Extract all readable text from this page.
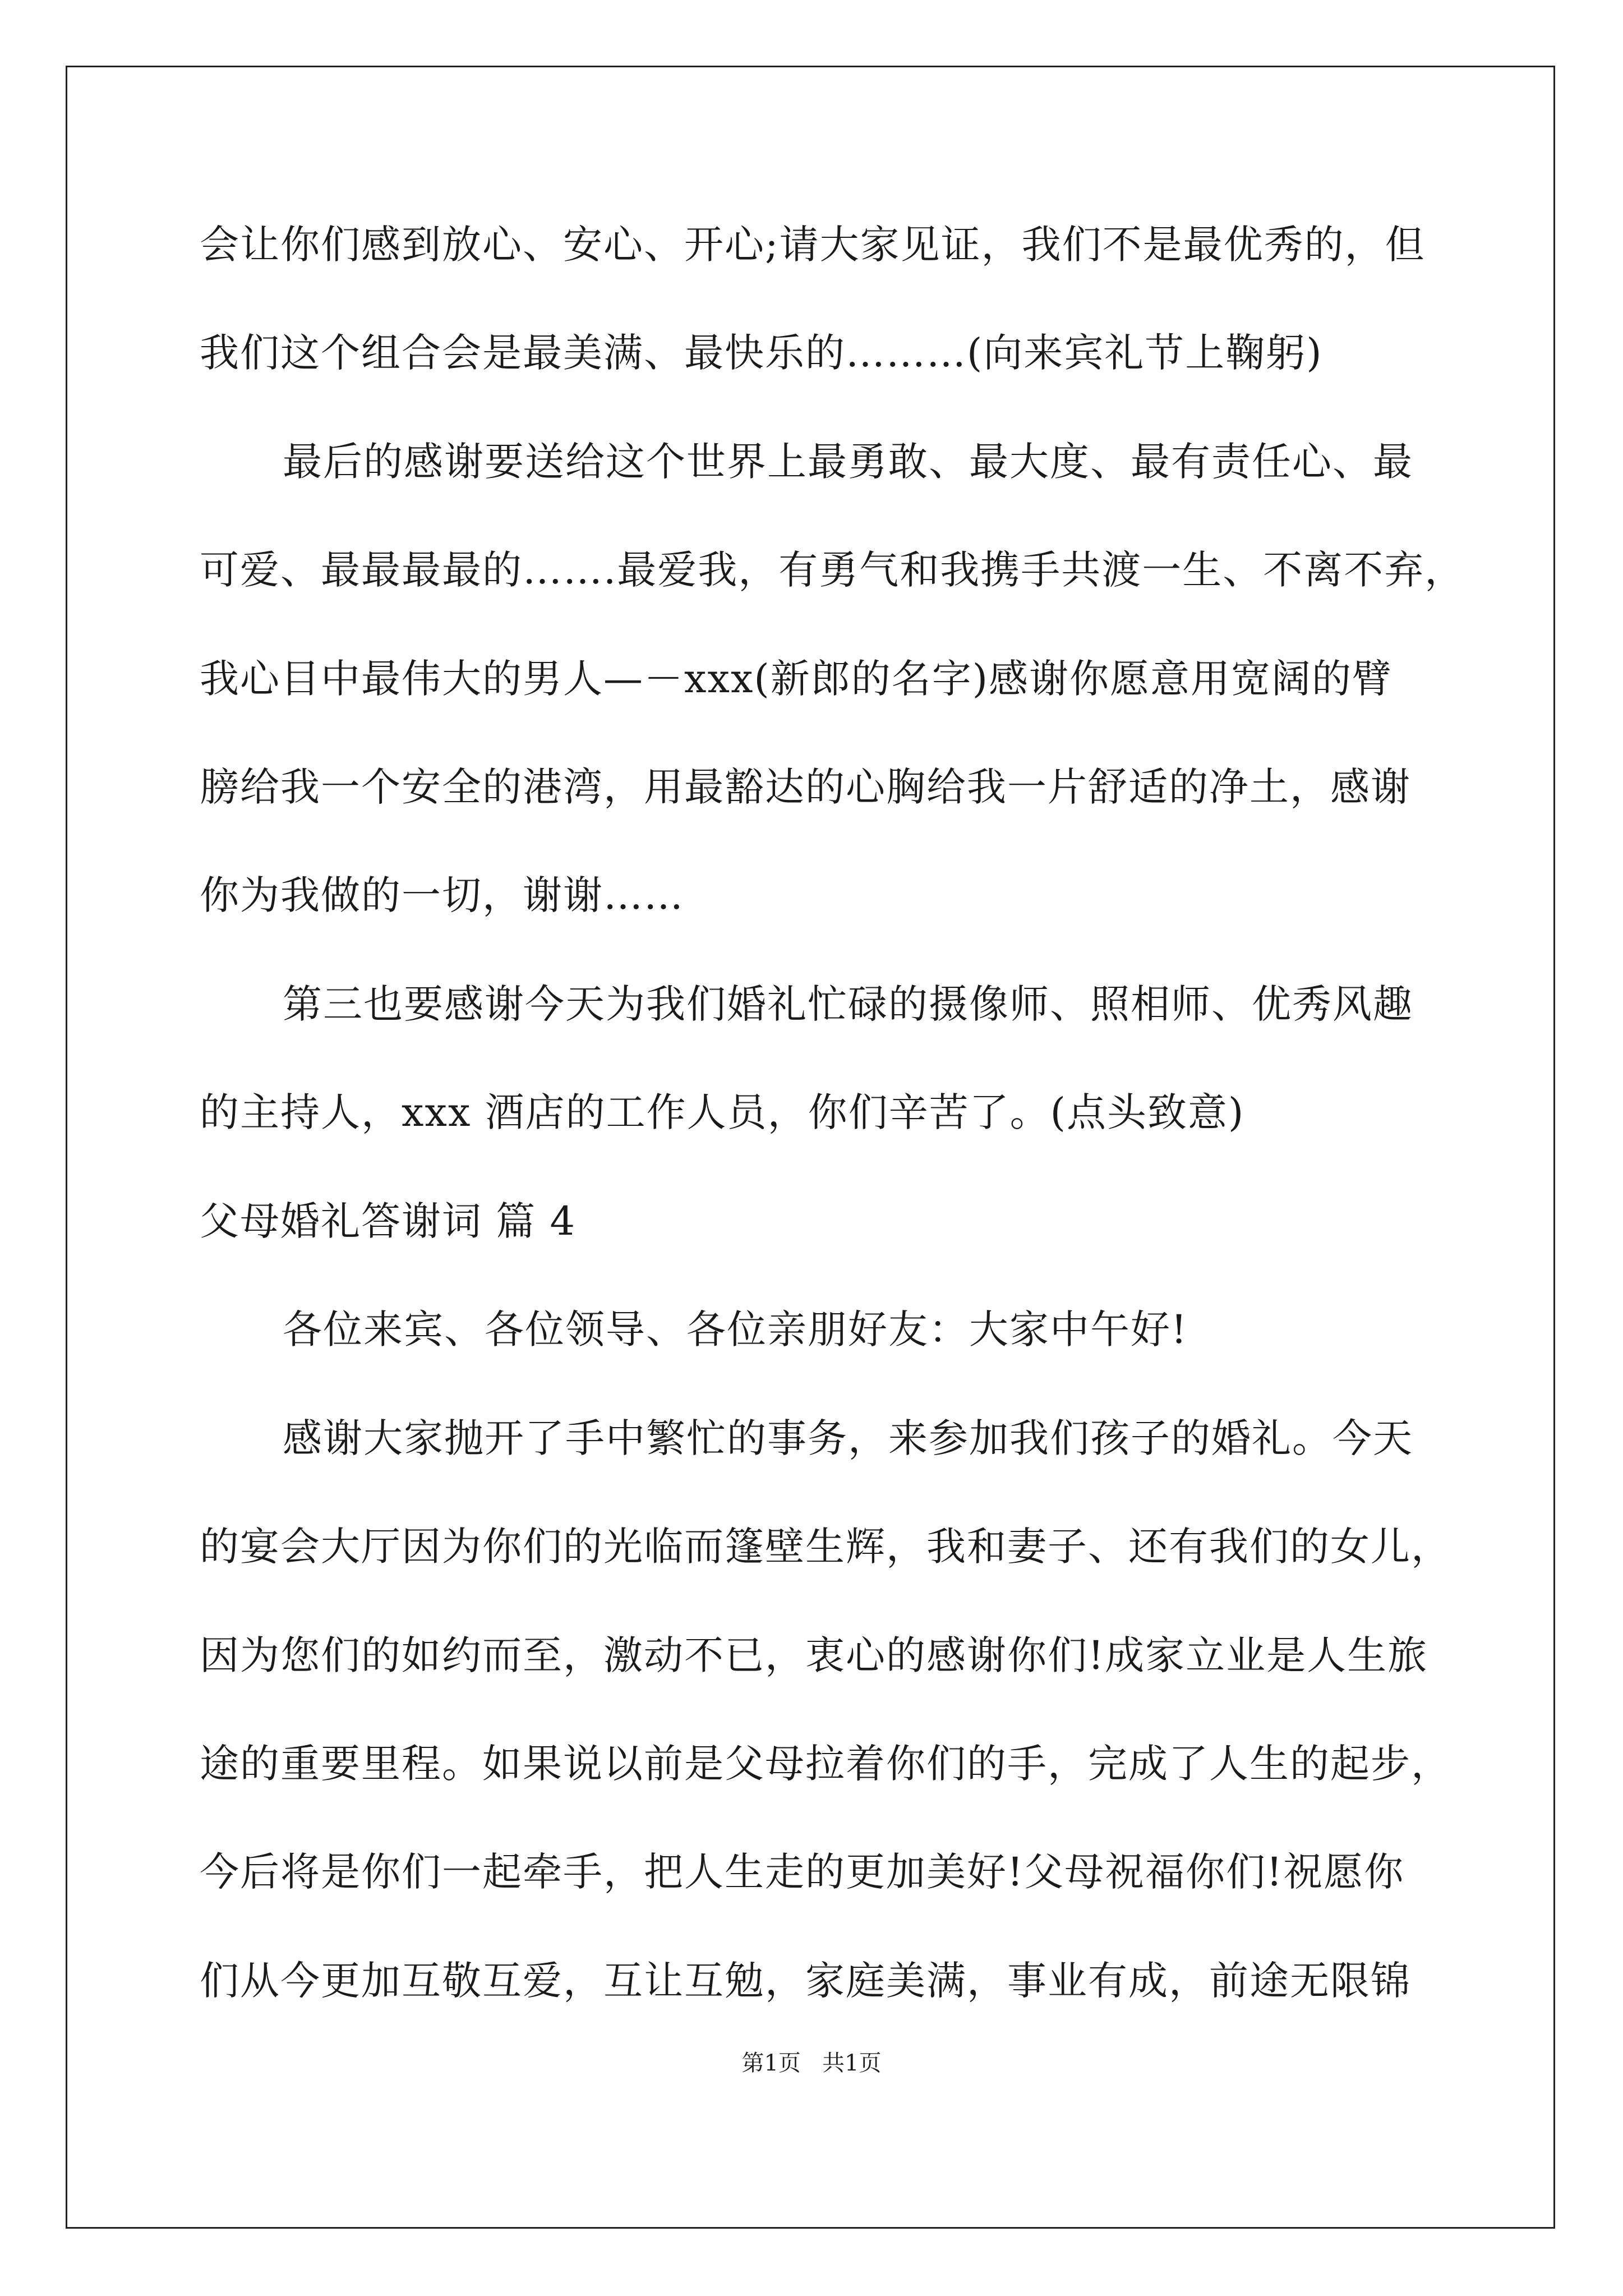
会让你们感到放心、安心、开心;请大家见证，我们不是最优秀的，但
我们这个组合会是最美满、最快乐的………(向来宾礼节上鞠躬)
最后的感谢要送给这个世界上最勇敢、最大度、最有责任心、最
可爱、最最最最的…….最爱我，有勇气和我携手共渡一生、不离不弃，
我心目中最伟大的男人—－xxx(新郎的名字)感谢你愿意用宽阔的臂
膀给我一个安全的港湾，用最豁达的心胸给我一片舒适的净土，感谢
你为我做的一切，谢谢……
第三也要感谢今天为我们婚礼忙碌的摄像师、照相师、优秀风趣
的主持人，xxx 酒店的工作人员，你们辛苦了。(点头致意)
父母婚礼答谢词 篇 4
各位来宾、各位领导、各位亲朋好友：大家中午好!
感谢大家抛开了手中繁忙的事务，来参加我们孩子的婚礼。今天
的宴会大厅因为你们的光临而篷壁生辉，我和妻子、还有我们的女儿，
因为您们的如约而至，激动不已，衷心的感谢你们!成家立业是人生旅
途的重要里程。如果说以前是父母拉着你们的手，完成了人生的起步，
今后将是你们一起牵手，把人生走的更加美好!父母祝福你们!祝愿你
们从今更加互敬互爱，互让互勉，家庭美满，事业有成，前途无限锦
第1页   共1页
